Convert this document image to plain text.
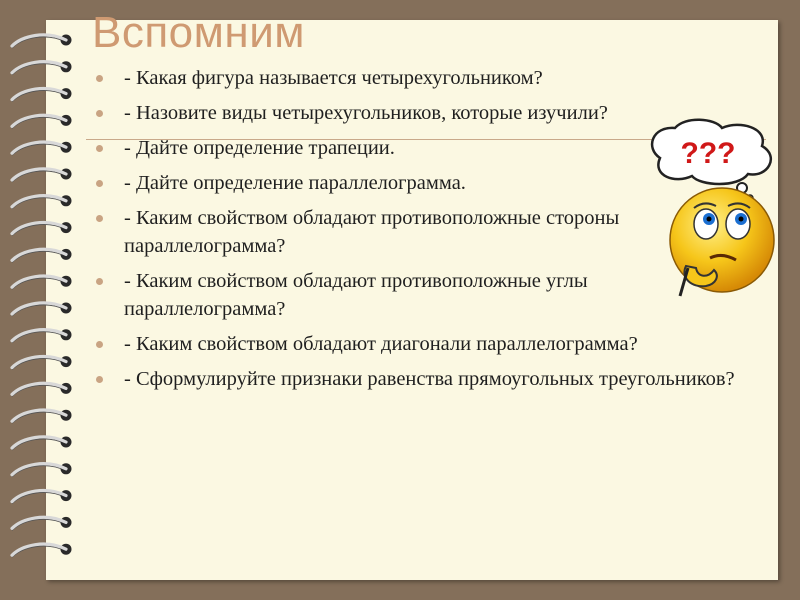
Вспомним
- Какая фигура называется четырехугольником?
- Назовите виды четырехугольников, которые изучили?
- Дайте определение трапеции.
- Дайте определение параллелограмма.
- Каким свойством обладают противоположные стороны параллелограмма?
- Каким свойством обладают противоположные углы параллелограмма?
- Каким свойством обладают диагонали параллелограмма?
- Сформулируйте признаки равенства прямоугольных треугольников?
???
